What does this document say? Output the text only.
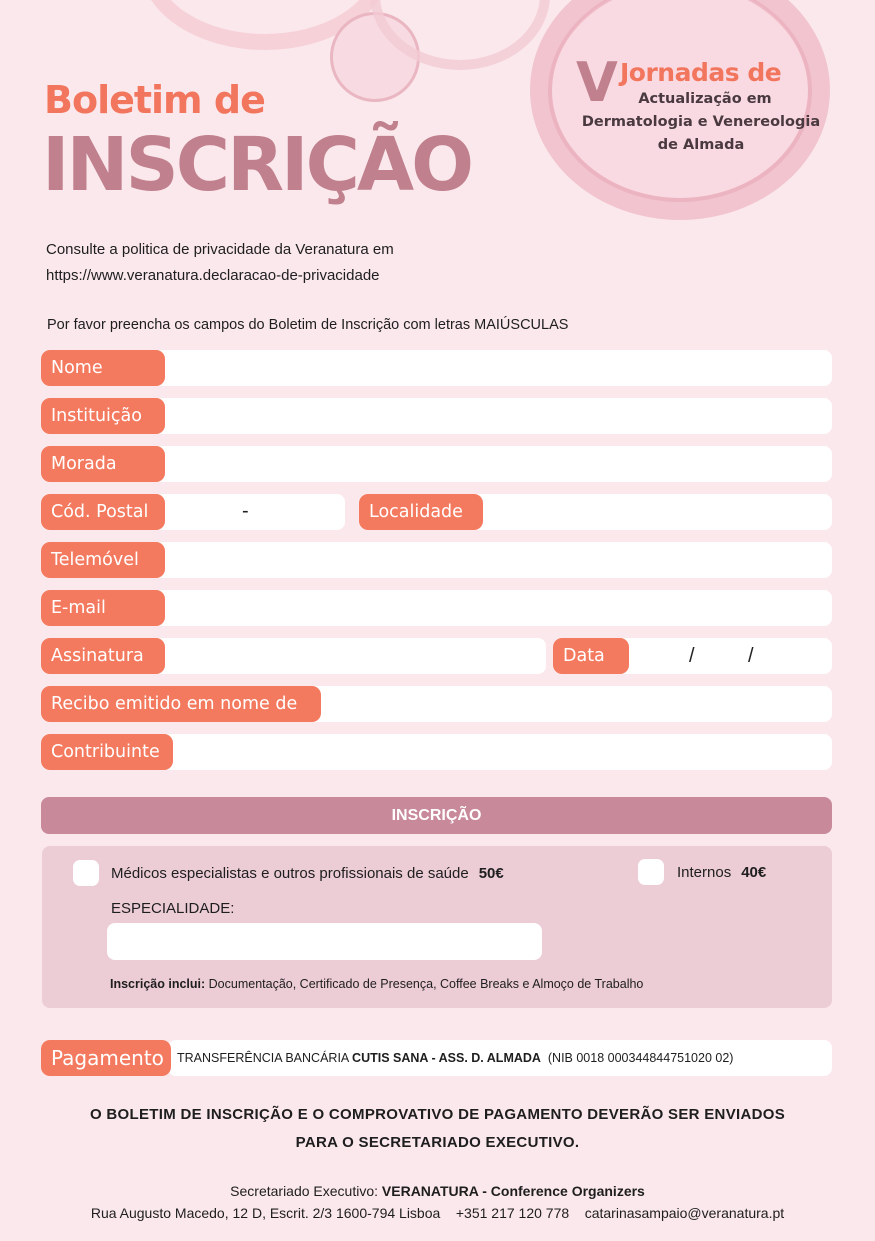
Boletim de
INSCRIÇÃO
V Jornadas de
Actualização em
Dermatologia e Venereologia
de Almada
Consulte a politica de privacidade da Veranatura em
https://www.veranatura.declaracao-de-privacidade
Por favor preencha os campos do Boletim de Inscrição com letras MAIÚSCULAS
Nome
Instituição
Morada
Cód. Postal	-	Localidade
Telemóvel
E-mail
Assinatura	Data	/	/
Recibo emitido em nome de
Contribuinte
INSCRIÇÃO
Médicos especialistas e outros profissionais de saúde 50€	Internos 40€
ESPECIALIDADE:
Inscrição inclui: Documentação, Certificado de Presença, Coffee Breaks e Almoço de Trabalho
Pagamento	TRANSFERÊNCIA BANCÁRIA CUTIS SANA - ASS. D. ALMADA  (NIB 0018 000344844751020 02)
O BOLETIM DE INSCRIÇÃO E O COMPROVATIVO DE PAGAMENTO DEVERÃO SER ENVIADOS
PARA O SECRETARIADO EXECUTIVO.
Secretariado Executivo: VERANATURA - Conference Organizers
Rua Augusto Macedo, 12 D, Escrit. 2/3 1600-794 Lisboa +351 217 120 778 catarinasampaio@veranatura.pt
